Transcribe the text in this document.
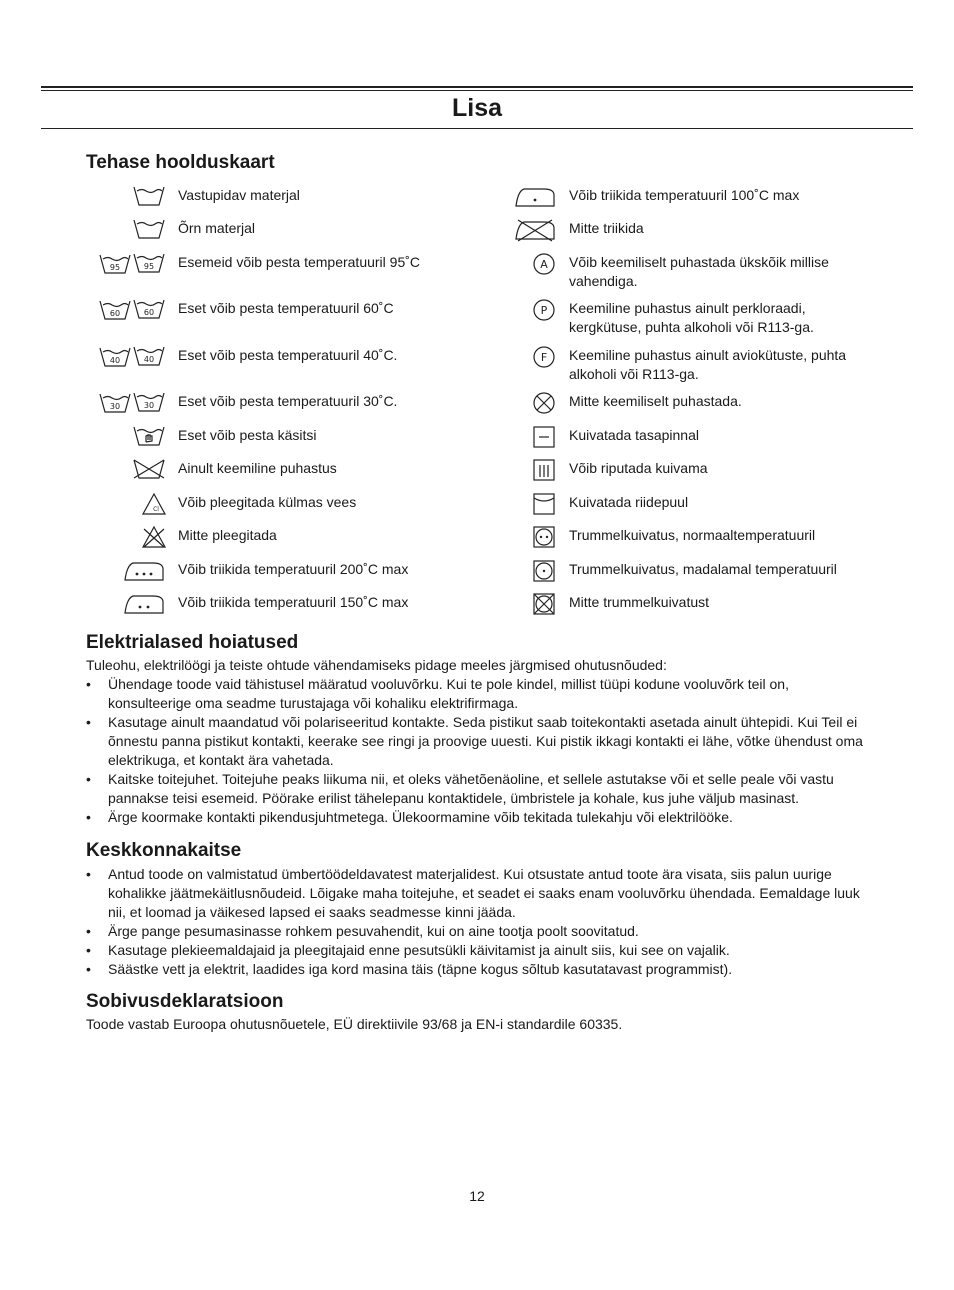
Lisa
Tehase hoolduskaart
Vastupidav materjal
Õrn materjal
95	95 Esemeid võib pesta temperatuuril 95˚C
60	60 Eset võib pesta temperatuuril 60˚C
40	40 Eset võib pesta temperatuuril 40˚C.
30	30 Eset võib pesta temperatuuril 30˚C.
Eset võib pesta käsitsi
Ainult keemiline puhastus
Cl Võib pleegitada külmas vees
Mitte pleegitada
Võib triikida temperatuuril 200˚C max
Võib triikida temperatuuril 150˚C max
Võib triikida temperatuuril 100˚C max
Mitte triikida
A Võib keemiliselt puhastada ükskõik millise vahendiga.
P Keemiline puhastus ainult perkloraadi, kergkütuse, puhta alkoholi või R113-ga.
F Keemiline puhastus ainult aviokütuste, puhta alkoholi või R113-ga.
Mitte keemiliselt puhastada.
Kuivatada tasapinnal
Võib riputada kuivama
Kuivatada riidepuul
Trummelkuivatus, normaaltemperatuuril
Trummelkuivatus, madalamal temperatuuril
Mitte trummelkuivatust
Elektrialased hoiatused
Tuleohu, elektrilöögi ja teiste ohtude vähendamiseks pidage meeles järgmised ohutusnõuded:
• Ühendage toode vaid tähistusel määratud vooluvõrku. Kui te pole kindel, millist tüüpi kodune vooluvõrk teil on, konsulteerige oma seadme turustajaga või kohaliku elektrifirmaga.
• Kasutage ainult maandatud või polariseeritud kontakte. Seda pistikut saab toitekontakti asetada ainult ühtepidi. Kui Teil ei õnnestu panna pistikut kontakti, keerake see ringi ja proovige uuesti. Kui pistik ikkagi kontakti ei lähe, võtke ühendust oma elektrikuga, et kontakt ära vahetada.
• Kaitske toitejuhet. Toitejuhe peaks liikuma nii, et oleks vähetõenäoline, et sellele astutakse või et selle peale või vastu pannakse teisi esemeid. Pöörake erilist tähelepanu kontaktidele, ümbristele ja kohale, kus juhe väljub masinast.
• Ärge koormake kontakti pikendusjuhtmetega. Ülekoormamine võib tekitada tulekahju või elektrilööke.
Keskkonnakaitse
• Antud toode on valmistatud ümbertöödeldavatest materjalidest. Kui otsustate antud toote ära visata, siis palun uurige kohalikke jäätmekäitlusnõudeid. Lõigake maha toitejuhe, et seadet ei saaks enam vooluvõrku ühendada. Eemaldage luuk nii, et loomad ja väikesed lapsed ei saaks seadmesse kinni jääda.
• Ärge pange pesumasinasse rohkem pesuvahendit, kui on aine tootja poolt soovitatud.
• Kasutage plekieemaldajaid ja pleegitajaid enne pesutsükli käivitamist ja ainult siis, kui see on vajalik.
• Säästke vett ja elektrit, laadides iga kord masina täis (täpne kogus sõltub kasutatavast programmist).
Sobivusdeklaratsioon
Toode vastab Euroopa ohutusnõuetele, EÜ direktiivile 93/68 ja EN-i standardile 60335.
12
